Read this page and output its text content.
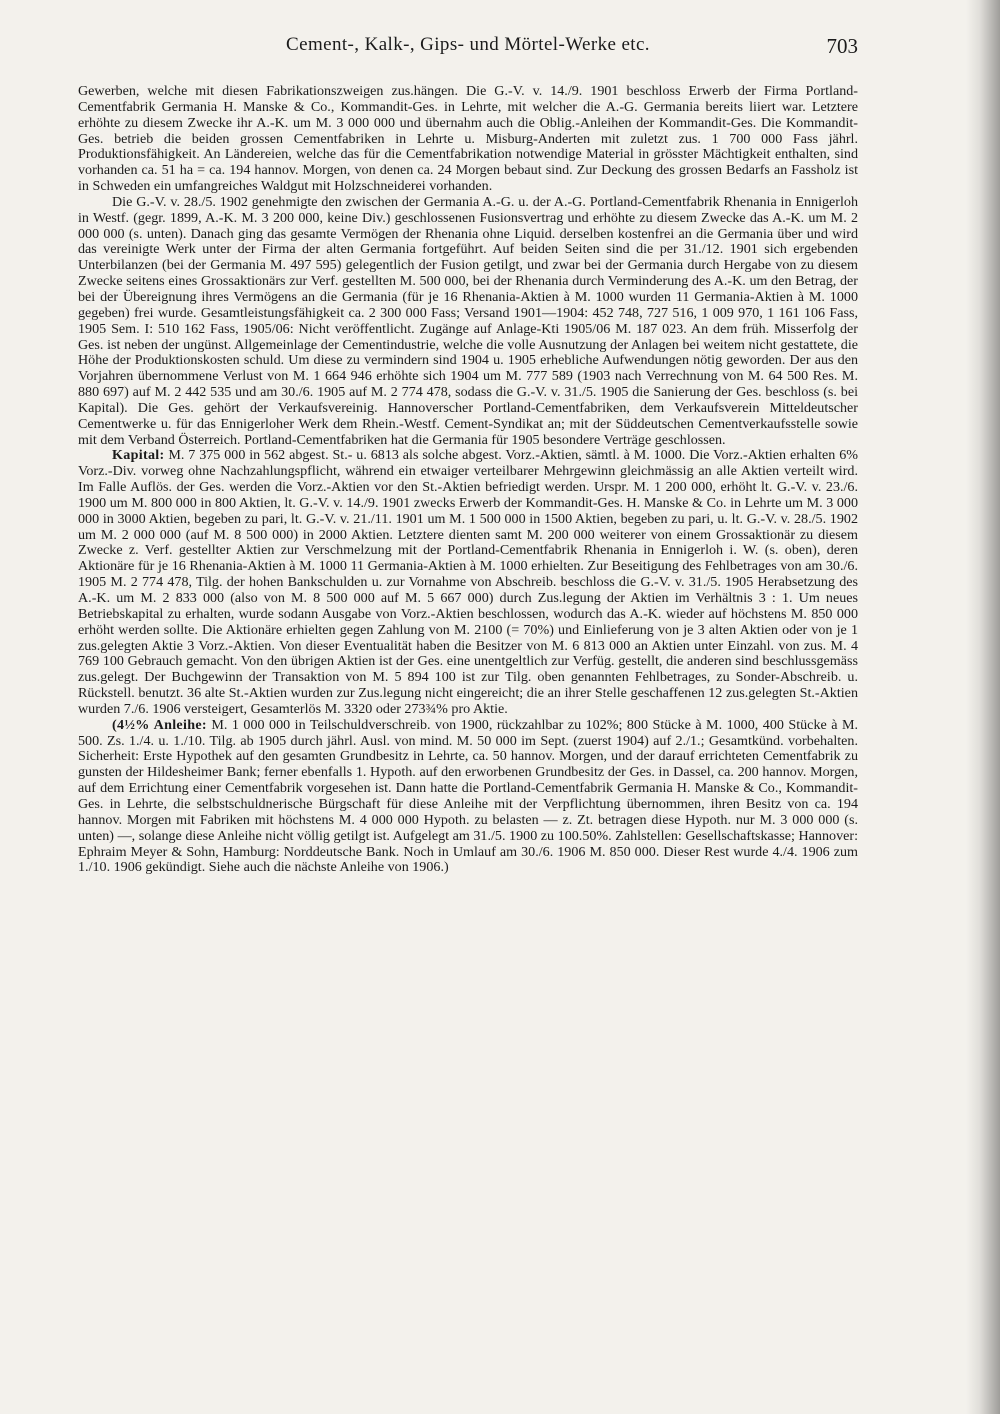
Cement-, Kalk-, Gips- und Mörtel-Werke etc.	703

Gewerben, welche mit diesen Fabrikationszweigen zus.hängen. Die G.-V. v. 14./9. 1901 beschloss Erwerb der Firma Portland-Cementfabrik Germania H. Manske & Co., Kommandit-Ges. in Lehrte, mit welcher die A.-G. Germania bereits liiert war. Letztere erhöhte zu diesem Zwecke ihr A.-K. um M. 3 000 000 und übernahm auch die Oblig.-Anleihen der Kommandit-Ges. Die Kommandit-Ges. betrieb die beiden grossen Cementfabriken in Lehrte u. Misburg-Anderten mit zuletzt zus. 1 700 000 Fass jährl. Produktionsfähigkeit. An Ländereien, welche das für die Cementfabrikation notwendige Material in grösster Mächtigkeit enthalten, sind vorhanden ca. 51 ha = ca. 194 hannov. Morgen, von denen ca. 24 Morgen bebaut sind. Zur Deckung des grossen Bedarfs an Fassholz ist in Schweden ein umfangreiches Waldgut mit Holzschneiderei vorhanden.

Die G.-V. v. 28./5. 1902 genehmigte den zwischen der Germania A.-G. u. der A.-G. Portland-Cementfabrik Rhenania in Ennigerloh in Westf. (gegr. 1899, A.-K. M. 3 200 000, keine Div.) geschlossenen Fusionsvertrag und erhöhte zu diesem Zwecke das A.-K. um M. 2 000 000 (s. unten). Danach ging das gesamte Vermögen der Rhenania ohne Liquid. derselben kostenfrei an die Germania über und wird das vereinigte Werk unter der Firma der alten Germania fortgeführt. Auf beiden Seiten sind die per 31./12. 1901 sich ergebenden Unterbilanzen (bei der Germania M. 497 595) gelegentlich der Fusion getilgt, und zwar bei der Germania durch Hergabe von zu diesem Zwecke seitens eines Grossaktionärs zur Verf. gestellten M. 500 000, bei der Rhenania durch Verminderung des A.-K. um den Betrag, der bei der Übereignung ihres Vermögens an die Germania (für je 16 Rhenania-Aktien à M. 1000 wurden 11 Germania-Aktien à M. 1000 gegeben) frei wurde. Gesamtleistungsfähigkeit ca. 2 300 000 Fass; Versand 1901—1904: 452 748, 727 516, 1 009 970, 1 161 106 Fass, 1905 Sem. I: 510 162 Fass, 1905/06: Nicht veröffentlicht. Zugänge auf Anlage-Kti 1905/06 M. 187 023. An dem früh. Misserfolg der Ges. ist neben der ungünst. Allgemeinlage der Cementindustrie, welche die volle Ausnutzung der Anlagen bei weitem nicht gestattete, die Höhe der Produktionskosten schuld. Um diese zu vermindern sind 1904 u. 1905 erhebliche Aufwendungen nötig geworden. Der aus den Vorjahren übernommene Verlust von M. 1 664 946 erhöhte sich 1904 um M. 777 589 (1903 nach Verrechnung von M. 64 500 Res. M. 880 697) auf M. 2 442 535 und am 30./6. 1905 auf M. 2 774 478, sodass die G.-V. v. 31./5. 1905 die Sanierung der Ges. beschloss (s. bei Kapital). Die Ges. gehört der Verkaufsvereinig. Hannoverscher Portland-Cementfabriken, dem Verkaufsverein Mitteldeutscher Cementwerke u. für das Ennigerloher Werk dem Rhein.-Westf. Cement-Syndikat an; mit der Süddeutschen Cementverkaufsstelle sowie mit dem Verband Österreich. Portland-Cementfabriken hat die Germania für 1905 besondere Verträge geschlossen.

Kapital: M. 7 375 000 in 562 abgest. St.- u. 6813 als solche abgest. Vorz.-Aktien, sämtl. à M. 1000. Die Vorz.-Aktien erhalten 6% Vorz.-Div. vorweg ohne Nachzahlungspflicht, während ein etwaiger verteilbarer Mehrgewinn gleichmässig an alle Aktien verteilt wird. Im Falle Auflös. der Ges. werden die Vorz.-Aktien vor den St.-Aktien befriedigt werden. Urspr. M. 1 200 000, erhöht lt. G.-V. v. 23./6. 1900 um M. 800 000 in 800 Aktien, lt. G.-V. v. 14./9. 1901 zwecks Erwerb der Kommandit-Ges. H. Manske & Co. in Lehrte um M. 3 000 000 in 3000 Aktien, begeben zu pari, lt. G.-V. v. 21./11. 1901 um M. 1 500 000 in 1500 Aktien, begeben zu pari, u. lt. G.-V. v. 28./5. 1902 um M. 2 000 000 (auf M. 8 500 000) in 2000 Aktien. Letztere dienten samt M. 200 000 weiterer von einem Grossaktionär zu diesem Zwecke z. Verf. gestellter Aktien zur Verschmelzung mit der Portland-Cementfabrik Rhenania in Ennigerloh i. W. (s. oben), deren Aktionäre für je 16 Rhenania-Aktien à M. 1000 11 Germania-Aktien à M. 1000 erhielten. Zur Beseitigung des Fehlbetrages von am 30./6. 1905 M. 2 774 478, Tilg. der hohen Bankschulden u. zur Vornahme von Abschreib. beschloss die G.-V. v. 31./5. 1905 Herabsetzung des A.-K. um M. 2 833 000 (also von M. 8 500 000 auf M. 5 667 000) durch Zus.legung der Aktien im Verhältnis 3 : 1. Um neues Betriebskapital zu erhalten, wurde sodann Ausgabe von Vorz.-Aktien beschlossen, wodurch das A.-K. wieder auf höchstens M. 850 000 erhöht werden sollte. Die Aktionäre erhielten gegen Zahlung von M. 2100 (= 70%) und Einlieferung von je 3 alten Aktien oder von je 1 zus.gelegten Aktie 3 Vorz.-Aktien. Von dieser Eventualität haben die Besitzer von M. 6 813 000 an Aktien unter Einzahl. von zus. M. 4 769 100 Gebrauch gemacht. Von den übrigen Aktien ist der Ges. eine unentgeltlich zur Verfüg. gestellt, die anderen sind beschlussgemäss zus.gelegt. Der Buchgewinn der Transaktion von M. 5 894 100 ist zur Tilg. oben genannten Fehlbetrages, zu Sonder-Abschreib. u. Rückstell. benutzt. 36 alte St.-Aktien wurden zur Zus.legung nicht eingereicht; die an ihrer Stelle geschaffenen 12 zus.gelegten St.-Aktien wurden 7./6. 1906 versteigert, Gesamterlös M. 3320 oder 273¾% pro Aktie.

(4½% Anleihe: M. 1 000 000 in Teilschuldverschreib. von 1900, rückzahlbar zu 102%; 800 Stücke à M. 1000, 400 Stücke à M. 500. Zs. 1./4. u. 1./10. Tilg. ab 1905 durch jährl. Ausl. von mind. M. 50 000 im Sept. (zuerst 1904) auf 2./1.; Gesamtkünd. vorbehalten. Sicherheit: Erste Hypothek auf den gesamten Grundbesitz in Lehrte, ca. 50 hannov. Morgen, und der darauf errichteten Cementfabrik zu gunsten der Hildesheimer Bank; ferner ebenfalls 1. Hypoth. auf den erworbenen Grundbesitz der Ges. in Dassel, ca. 200 hannov. Morgen, auf dem Errichtung einer Cementfabrik vorgesehen ist. Dann hatte die Portland-Cementfabrik Germania H. Manske & Co., Kommandit-Ges. in Lehrte, die selbstschuldnerische Bürgschaft für diese Anleihe mit der Verpflichtung übernommen, ihren Besitz von ca. 194 hannov. Morgen mit Fabriken mit höchstens M. 4 000 000 Hypoth. zu belasten — z. Zt. betragen diese Hypoth. nur M. 3 000 000 (s. unten) —, solange diese Anleihe nicht völlig getilgt ist. Aufgelegt am 31./5. 1900 zu 100.50%. Zahlstellen: Gesellschaftskasse; Hannover: Ephraim Meyer & Sohn, Hamburg: Norddeutsche Bank. Noch in Umlauf am 30./6. 1906 M. 850 000. Dieser Rest wurde 4./4. 1906 zum 1./10. 1906 gekündigt. Siehe auch die nächste Anleihe von 1906.)
